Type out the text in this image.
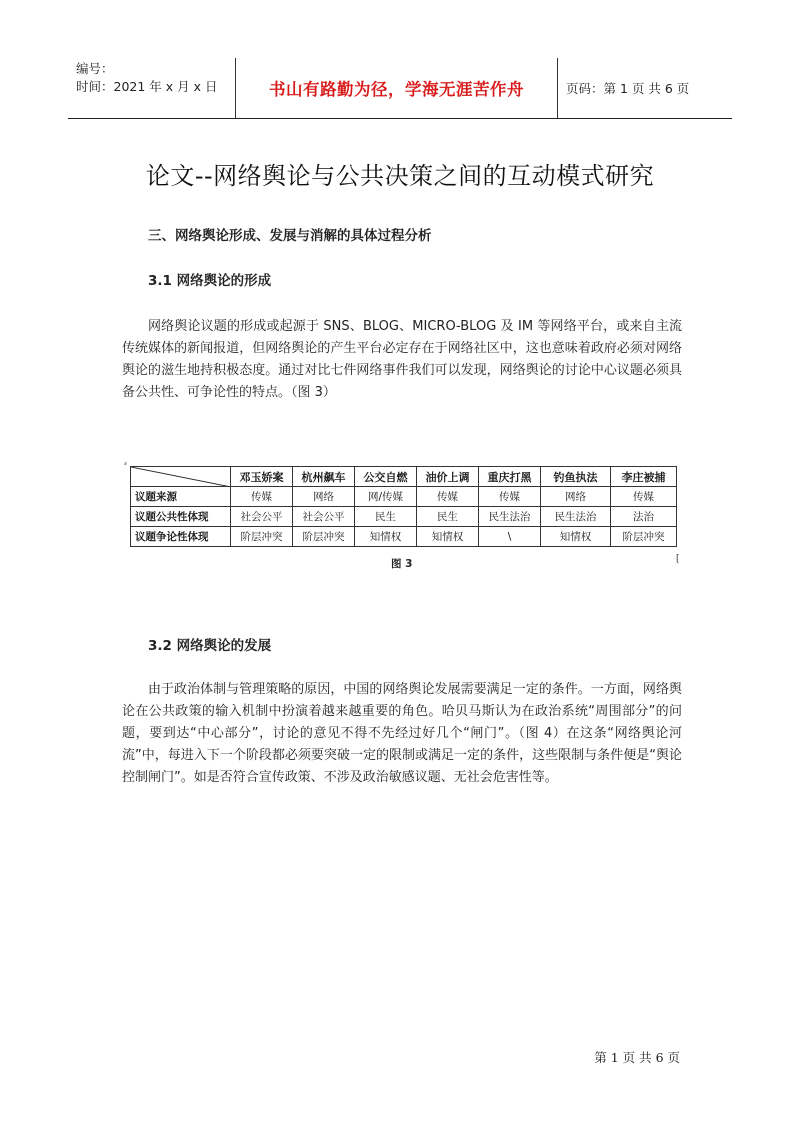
编号：
时间：2021 年 x 月 x 日	书山有路勤为径，学海无涯苦作舟	页码：第 1 页 共 6 页
论文--网络舆论与公共决策之间的互动模式研究
三、网络舆论形成、发展与消解的具体过程分析
3.1 网络舆论的形成

网络舆论议题的形成或起源于 SNS、BLOG、MICRO-BLOG 及 IM 等网络平台，或来自主流传统媒体的新闻报道，但网络舆论的产生平台必定存在于网络社区中，这也意味着政府必须对网络舆论的滋生地持积极态度。通过对比七件网络事件我们可以发现，网络舆论的讨论中心议题必须具备公共性、可争论性的特点。（图 3）

⸗
	邓玉娇案	杭州飙车	公交自燃	油价上调	重庆打黑	钓鱼执法	李庄被捕
议题来源	传媒	网络	网/传媒	传媒	传媒	网络	传媒
议题公共性体现	社会公平	社会公平	民生	民生	民生法治	民生法治	法治
议题争论性体现	阶层冲突	阶层冲突	知情权	知情权	\	知情权	阶层冲突
图 3	[
3.2 网络舆论的发展

由于政治体制与管理策略的原因，中国的网络舆论发展需要满足一定的条件。一方面，网络舆论在公共政策的输入机制中扮演着越来越重要的角色。哈贝马斯认为在政治系统“周围部分”的问题，要到达“中心部分”，讨论的意见不得不先经过好几个“闸门”。（图 4）在这条“网络舆论河流”中，每进入下一个阶段都必须要突破一定的限制或满足一定的条件，这些限制与条件便是“舆论控制闸门”。如是否符合宣传政策、不涉及政治敏感议题、无社会危害性等。

第 1 页 共 6 页
